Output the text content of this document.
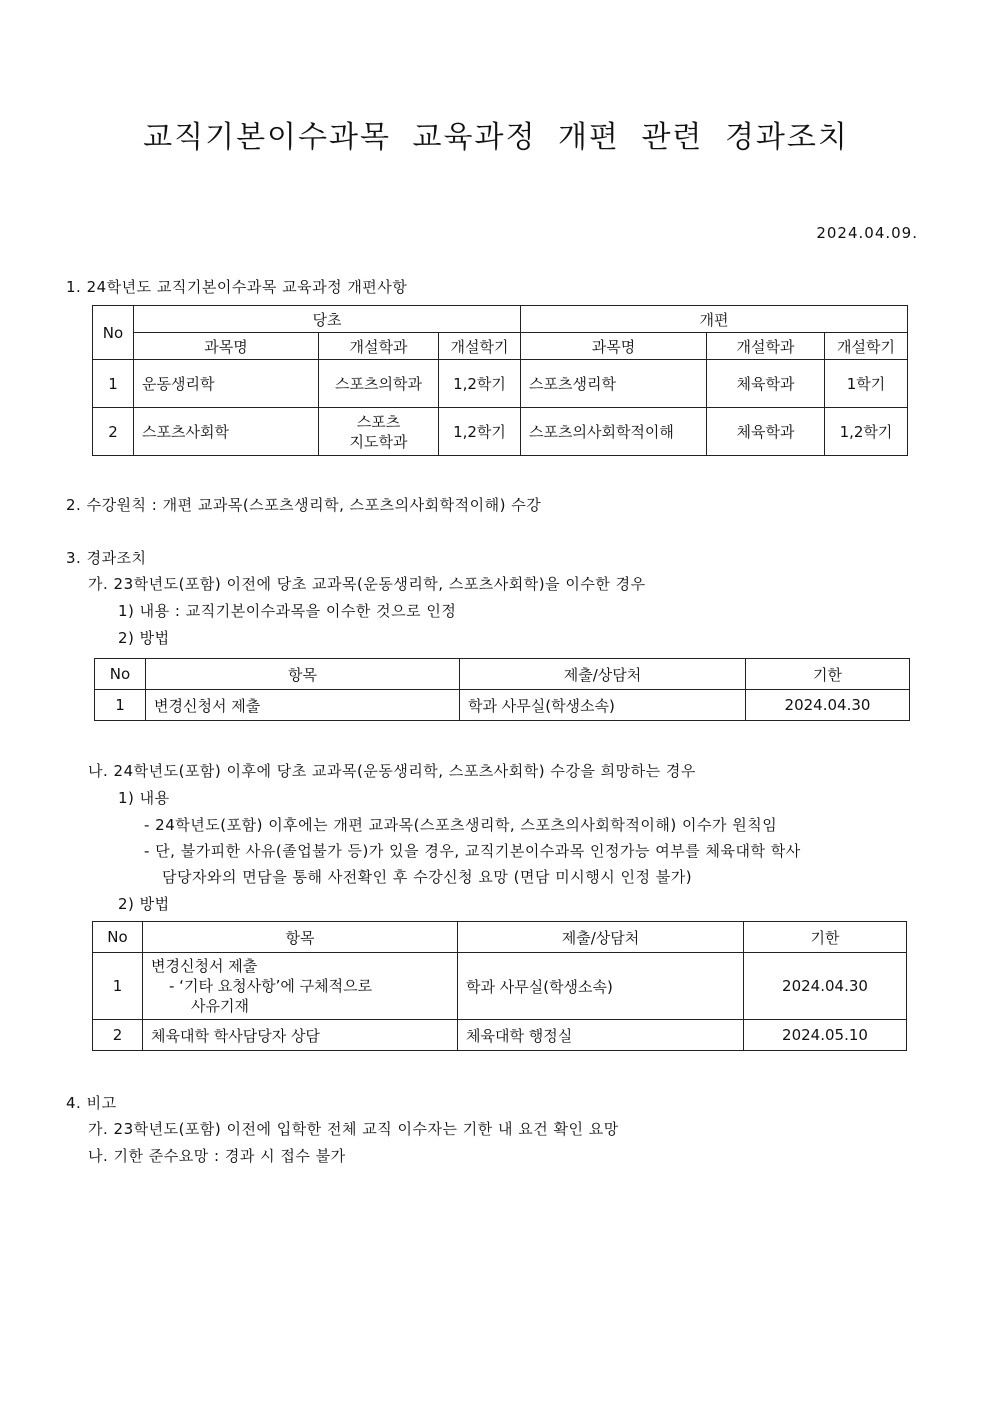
교직기본이수과목 교육과정 개편 관련 경과조치
2024.04.09.
1. 24학년도 교직기본이수과목 교육과정 개편사항
No	당초			개편		
	과목명	개설학과	개설학기	과목명	개설학과	개설학기
1	운동생리학	스포츠의학과	1,2학기	스포츠생리학	체육학과	1학기
2	스포츠사회학	스포츠
지도학과	1,2학기	스포츠의사회학적이해	체육학과	1,2학기
2. 수강원칙 : 개편 교과목(스포츠생리학, 스포츠의사회학적이해) 수강
3. 경과조치
가. 23학년도(포함) 이전에 당초 교과목(운동생리학, 스포츠사회학)을 이수한 경우
1) 내용 : 교직기본이수과목을 이수한 것으로 인정
2) 방법
No	항목	제출/상담처	기한
1	변경신청서 제출	학과 사무실(학생소속)	2024.04.30
나. 24학년도(포함) 이후에 당초 교과목(운동생리학, 스포츠사회학) 수강을 희망하는 경우
1) 내용
- 24학년도(포함) 이후에는 개편 교과목(스포츠생리학, 스포츠의사회학적이해) 이수가 원칙임
- 단, 불가피한 사유(졸업불가 등)가 있을 경우, 교직기본이수과목 인정가능 여부를 체육대학 학사
담당자와의 면담을 통해 사전확인 후 수강신청 요망 (면담 미시행시 인정 불가)
2) 방법
No	항목	제출/상담처	기한
1	변경신청서 제출
- ‘기타 요청사항’에 구체적으로
사유기재	학과 사무실(학생소속)	2024.04.30
2	체육대학 학사담당자 상담	체육대학 행정실	2024.05.10
4. 비고
가. 23학년도(포함) 이전에 입학한 전체 교직 이수자는 기한 내 요건 확인 요망
나. 기한 준수요망 : 경과 시 접수 불가
